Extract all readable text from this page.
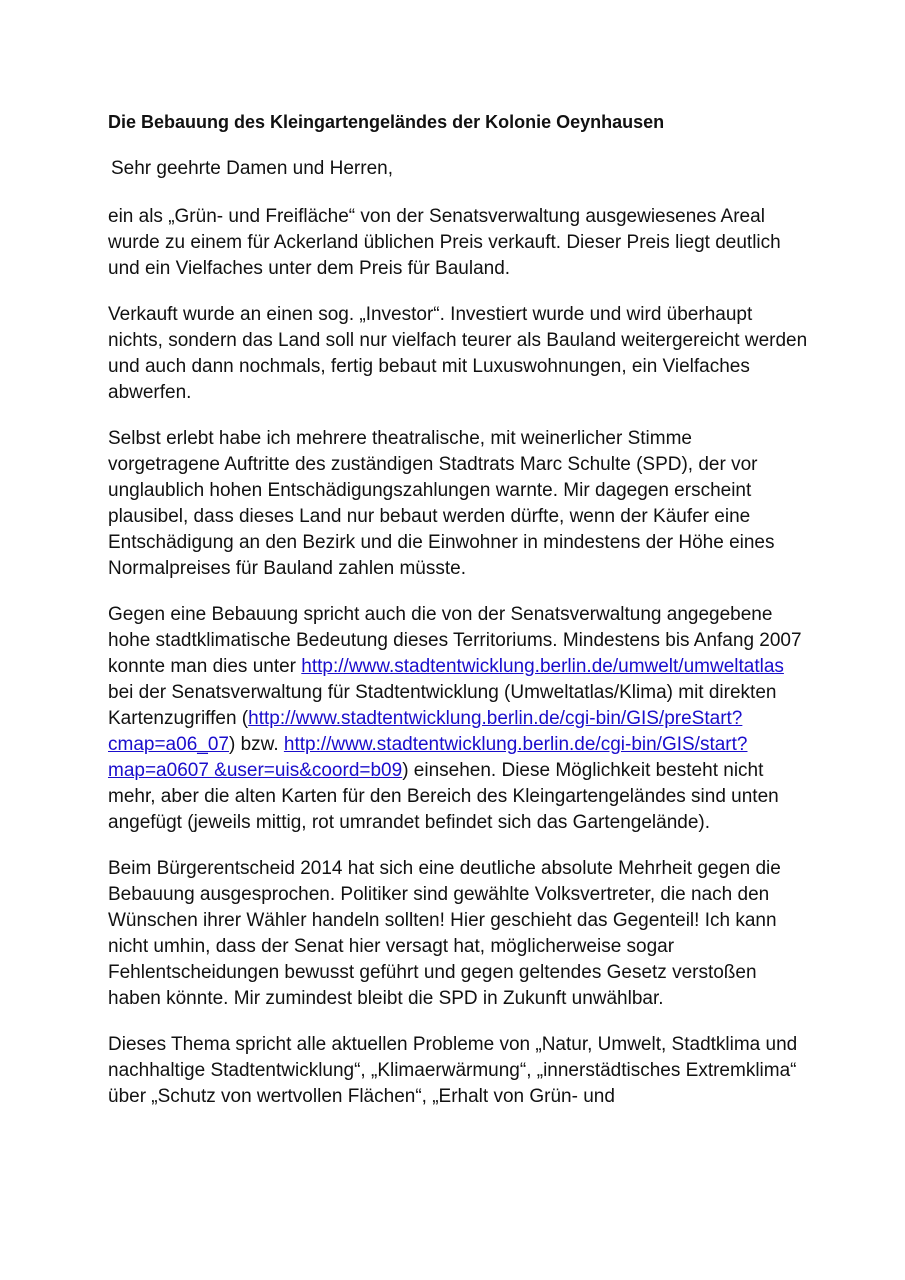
Die Bebauung des Kleingartengeländes der Kolonie Oeynhausen
Sehr geehrte Damen und Herren,

ein als „Grün- und Freifläche“ von der Senatsverwaltung ausgewiesenes Areal wurde zu einem für Ackerland üblichen Preis verkauft. Dieser Preis liegt deutlich und ein Vielfaches unter dem Preis für Bauland.

Verkauft wurde an einen sog. „Investor“. Investiert wurde und wird überhaupt nichts, sondern das Land soll nur vielfach teurer als Bauland weitergereicht werden und auch dann nochmals, fertig bebaut mit Luxuswohnungen, ein Vielfaches abwerfen.

Selbst erlebt habe ich mehrere theatralische, mit weinerlicher Stimme vorgetragene Auftritte des zuständigen Stadtrats Marc Schulte (SPD), der vor unglaublich hohen Entschädigungszahlungen warnte. Mir dagegen erscheint plausibel, dass dieses Land nur bebaut werden dürfte, wenn der Käufer eine Entschädigung an den Bezirk und die Einwohner in mindestens der Höhe eines Normalpreises für Bauland zahlen müsste.

Gegen eine Bebauung spricht auch die von der Senatsverwaltung angegebene hohe stadtklimatische Bedeutung dieses Territoriums. Mindestens bis Anfang 2007 konnte man dies unter http://www.stadtentwicklung.berlin.de/umwelt/umweltatlas bei der Senatsverwaltung für Stadtentwicklung (Umweltatlas/Klima) mit direkten Kartenzugriffen (http://www.stadtentwicklung.berlin.de/cgi-bin/GIS/preStart?cmap=a06_07) bzw. http://www.stadtentwicklung.berlin.de/cgi-bin/GIS/start?map=a0607 &user=uis&coord=b09) einsehen. Diese Möglichkeit besteht nicht mehr, aber die alten Karten für den Bereich des Kleingartengeländes sind unten angefügt (jeweils mittig, rot umrandet befindet sich das Gartengelände).

Beim Bürgerentscheid 2014 hat sich eine deutliche absolute Mehrheit gegen die Bebauung ausgesprochen. Politiker sind gewählte Volksvertreter, die nach den Wünschen ihrer Wähler handeln sollten! Hier geschieht das Gegenteil! Ich kann nicht umhin, dass der Senat hier versagt hat, möglicherweise sogar Fehlentscheidungen bewusst geführt und gegen geltendes Gesetz verstoßen haben könnte. Mir zumindest bleibt die SPD in Zukunft unwählbar.

Dieses Thema spricht alle aktuellen Probleme von „Natur, Umwelt, Stadtklima und nachhaltige Stadtentwicklung“, „Klimaerwärmung“, „innerstädtisches Extremklima“ über „Schutz von wertvollen Flächen“, „Erhalt von Grün- und
